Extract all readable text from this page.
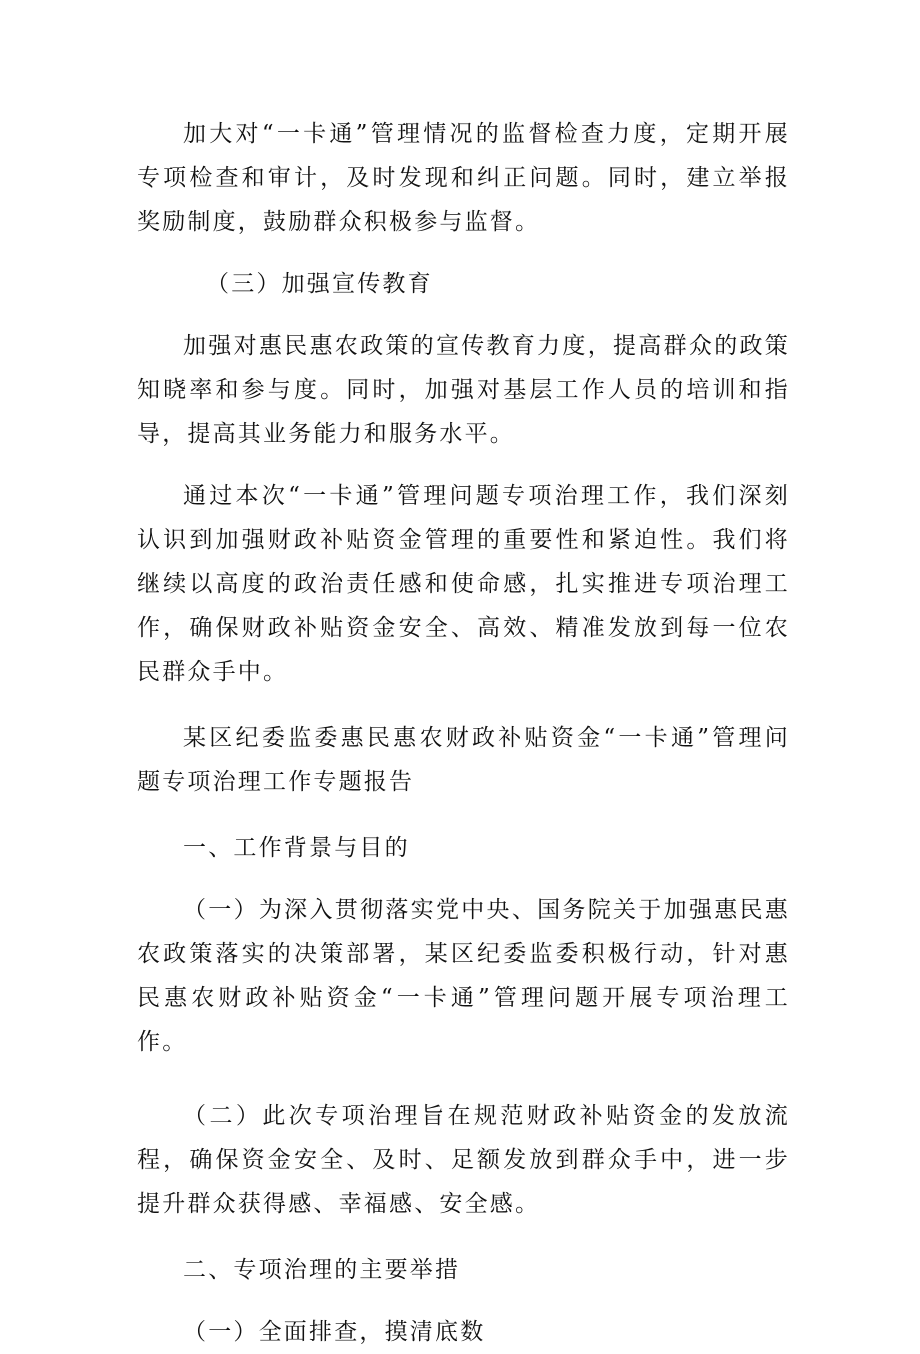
加大对“一卡通”管理情况的监督检查力度，定期开展专项检查和审计，及时发现和纠正问题。同时，建立举报奖励制度，鼓励群众积极参与监督。

（三）加强宣传教育

加强对惠民惠农政策的宣传教育力度，提高群众的政策知晓率和参与度。同时，加强对基层工作人员的培训和指导，提高其业务能力和服务水平。

通过本次“一卡通”管理问题专项治理工作，我们深刻认识到加强财政补贴资金管理的重要性和紧迫性。我们将继续以高度的政治责任感和使命感，扎实推进专项治理工作，确保财政补贴资金安全、高效、精准发放到每一位农民群众手中。

某区纪委监委惠民惠农财政补贴资金“一卡通”管理问题专项治理工作专题报告

一、工作背景与目的

（一）为深入贯彻落实党中央、国务院关于加强惠民惠农政策落实的决策部署，某区纪委监委积极行动，针对惠民惠农财政补贴资金“一卡通”管理问题开展专项治理工作。

（二）此次专项治理旨在规范财政补贴资金的发放流程，确保资金安全、及时、足额发放到群众手中，进一步提升群众获得感、幸福感、安全感。

二、专项治理的主要举措

（一）全面排查，摸清底数
